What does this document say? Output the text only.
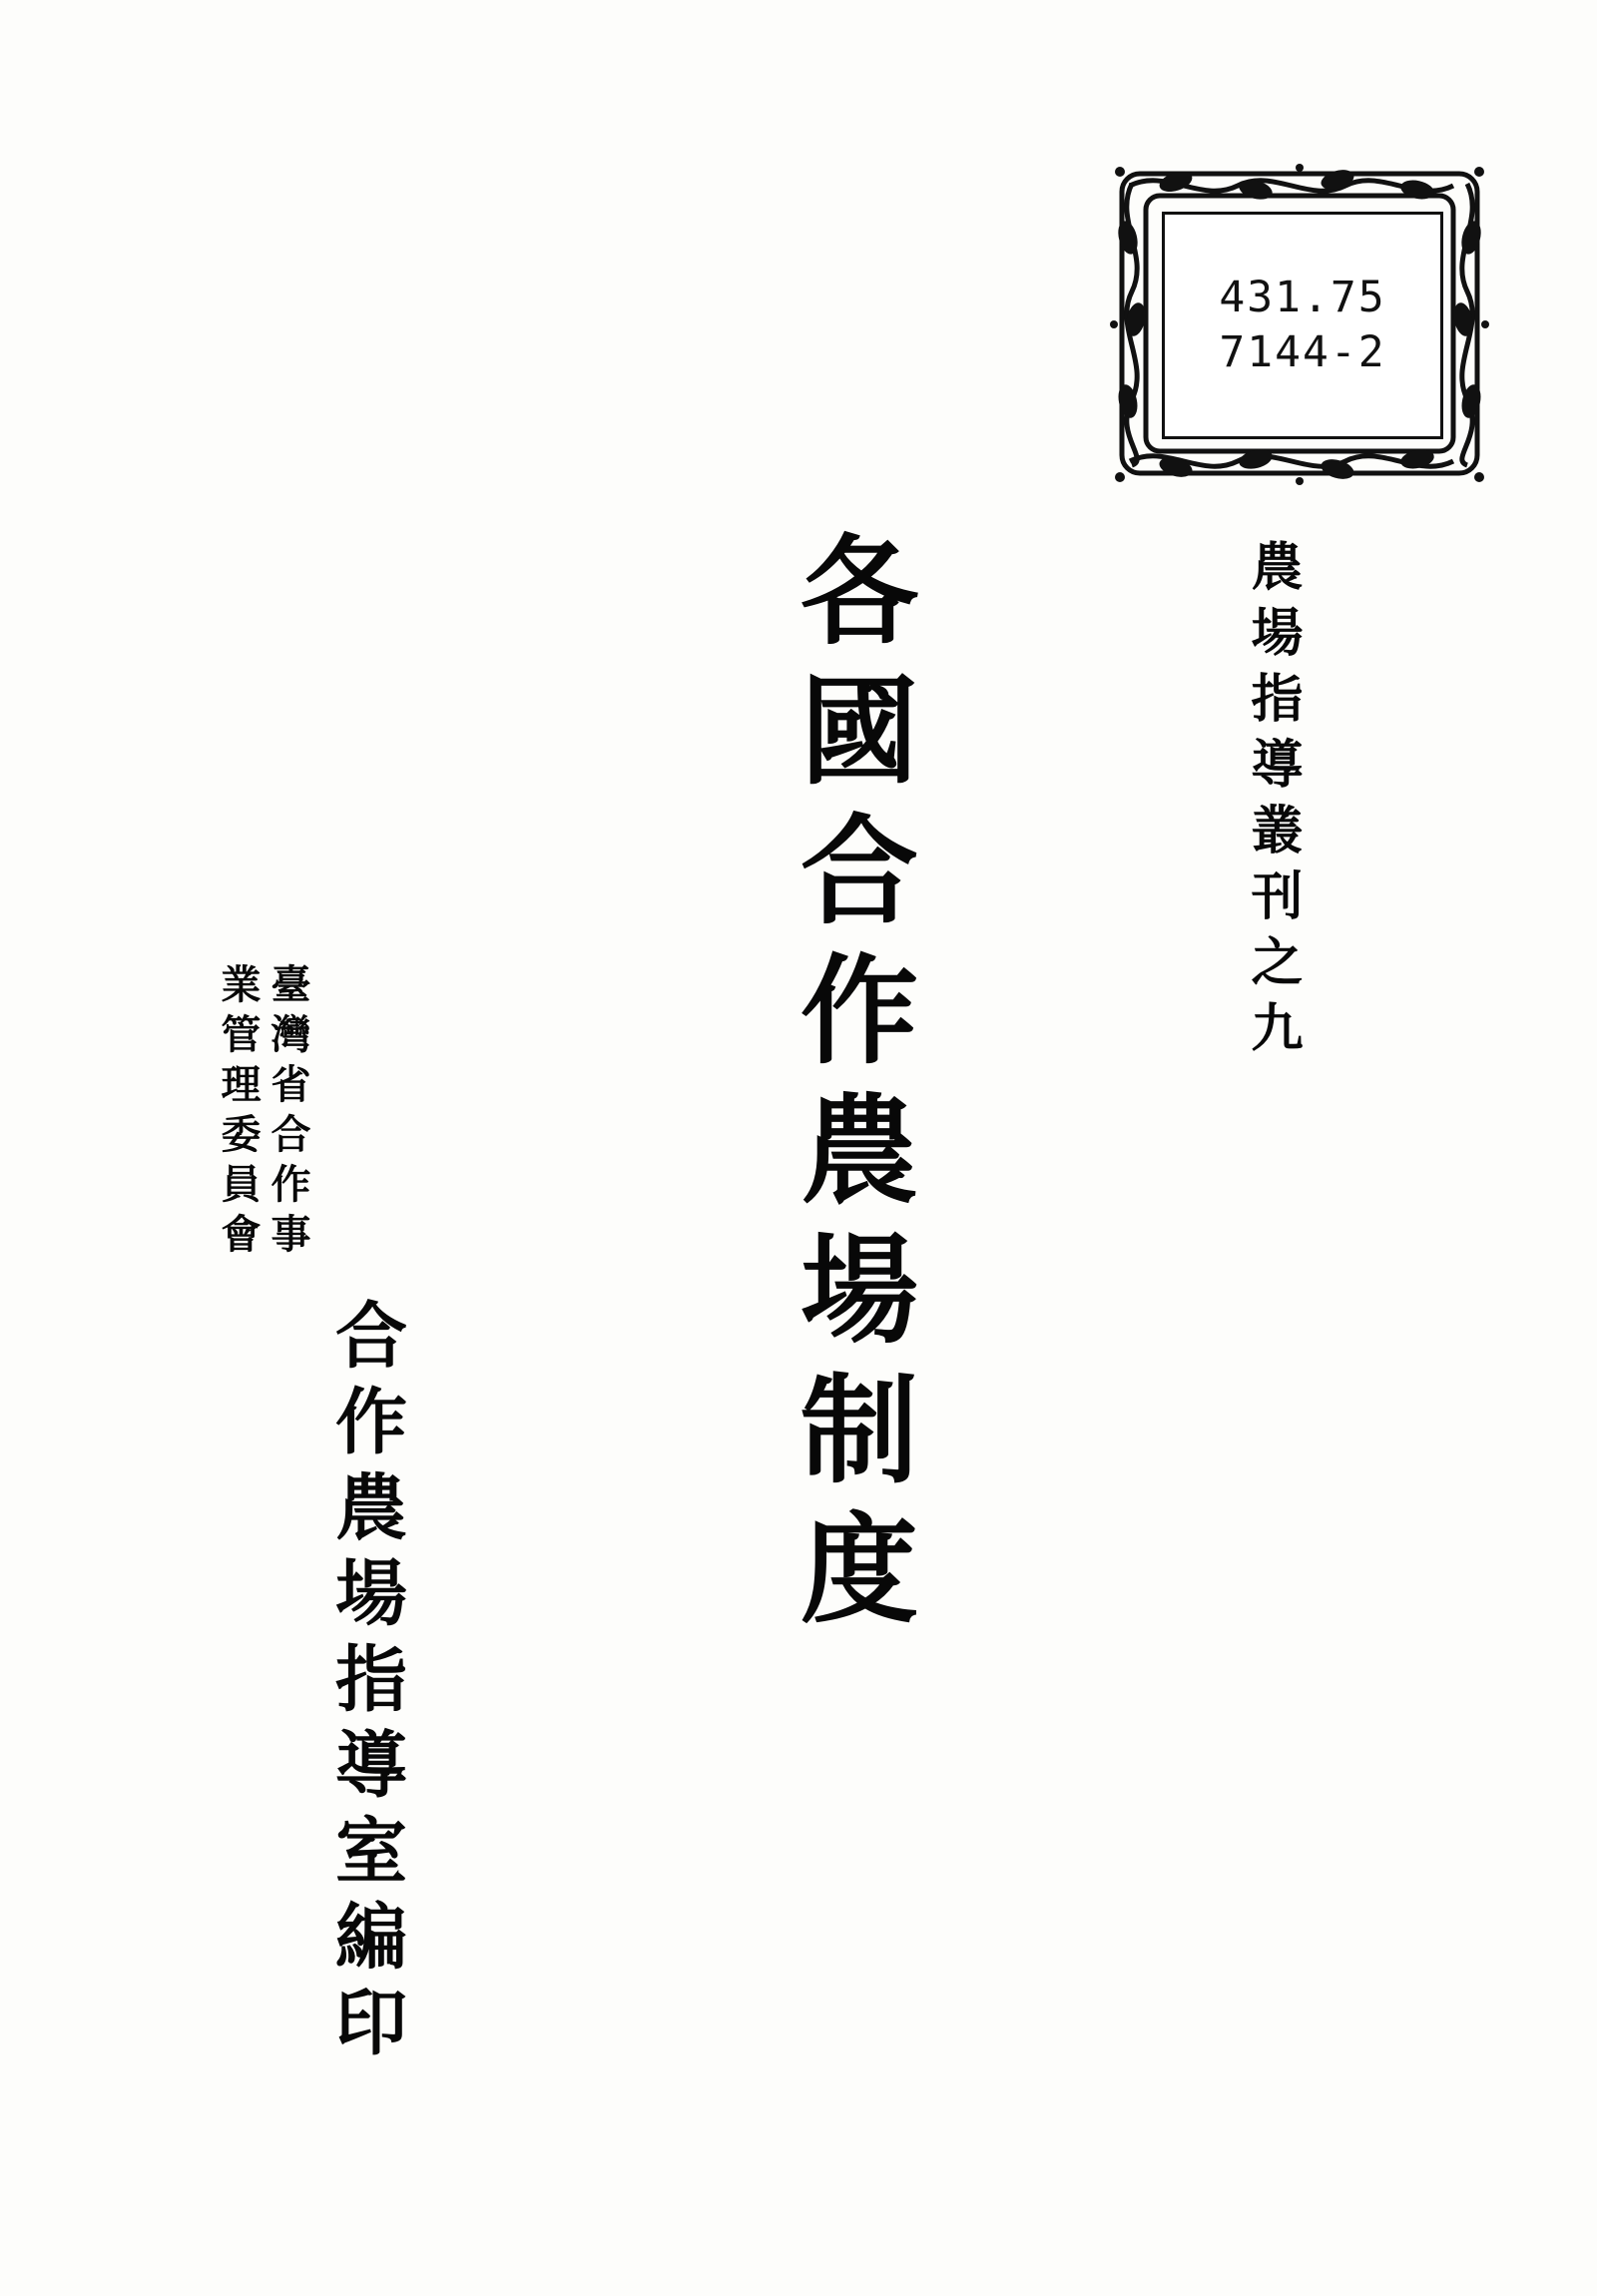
431.75
7144-2
農場指導叢刊之九
各國合作農場制度
臺灣省合作事
業管理委員會
合作農場指導室編印
